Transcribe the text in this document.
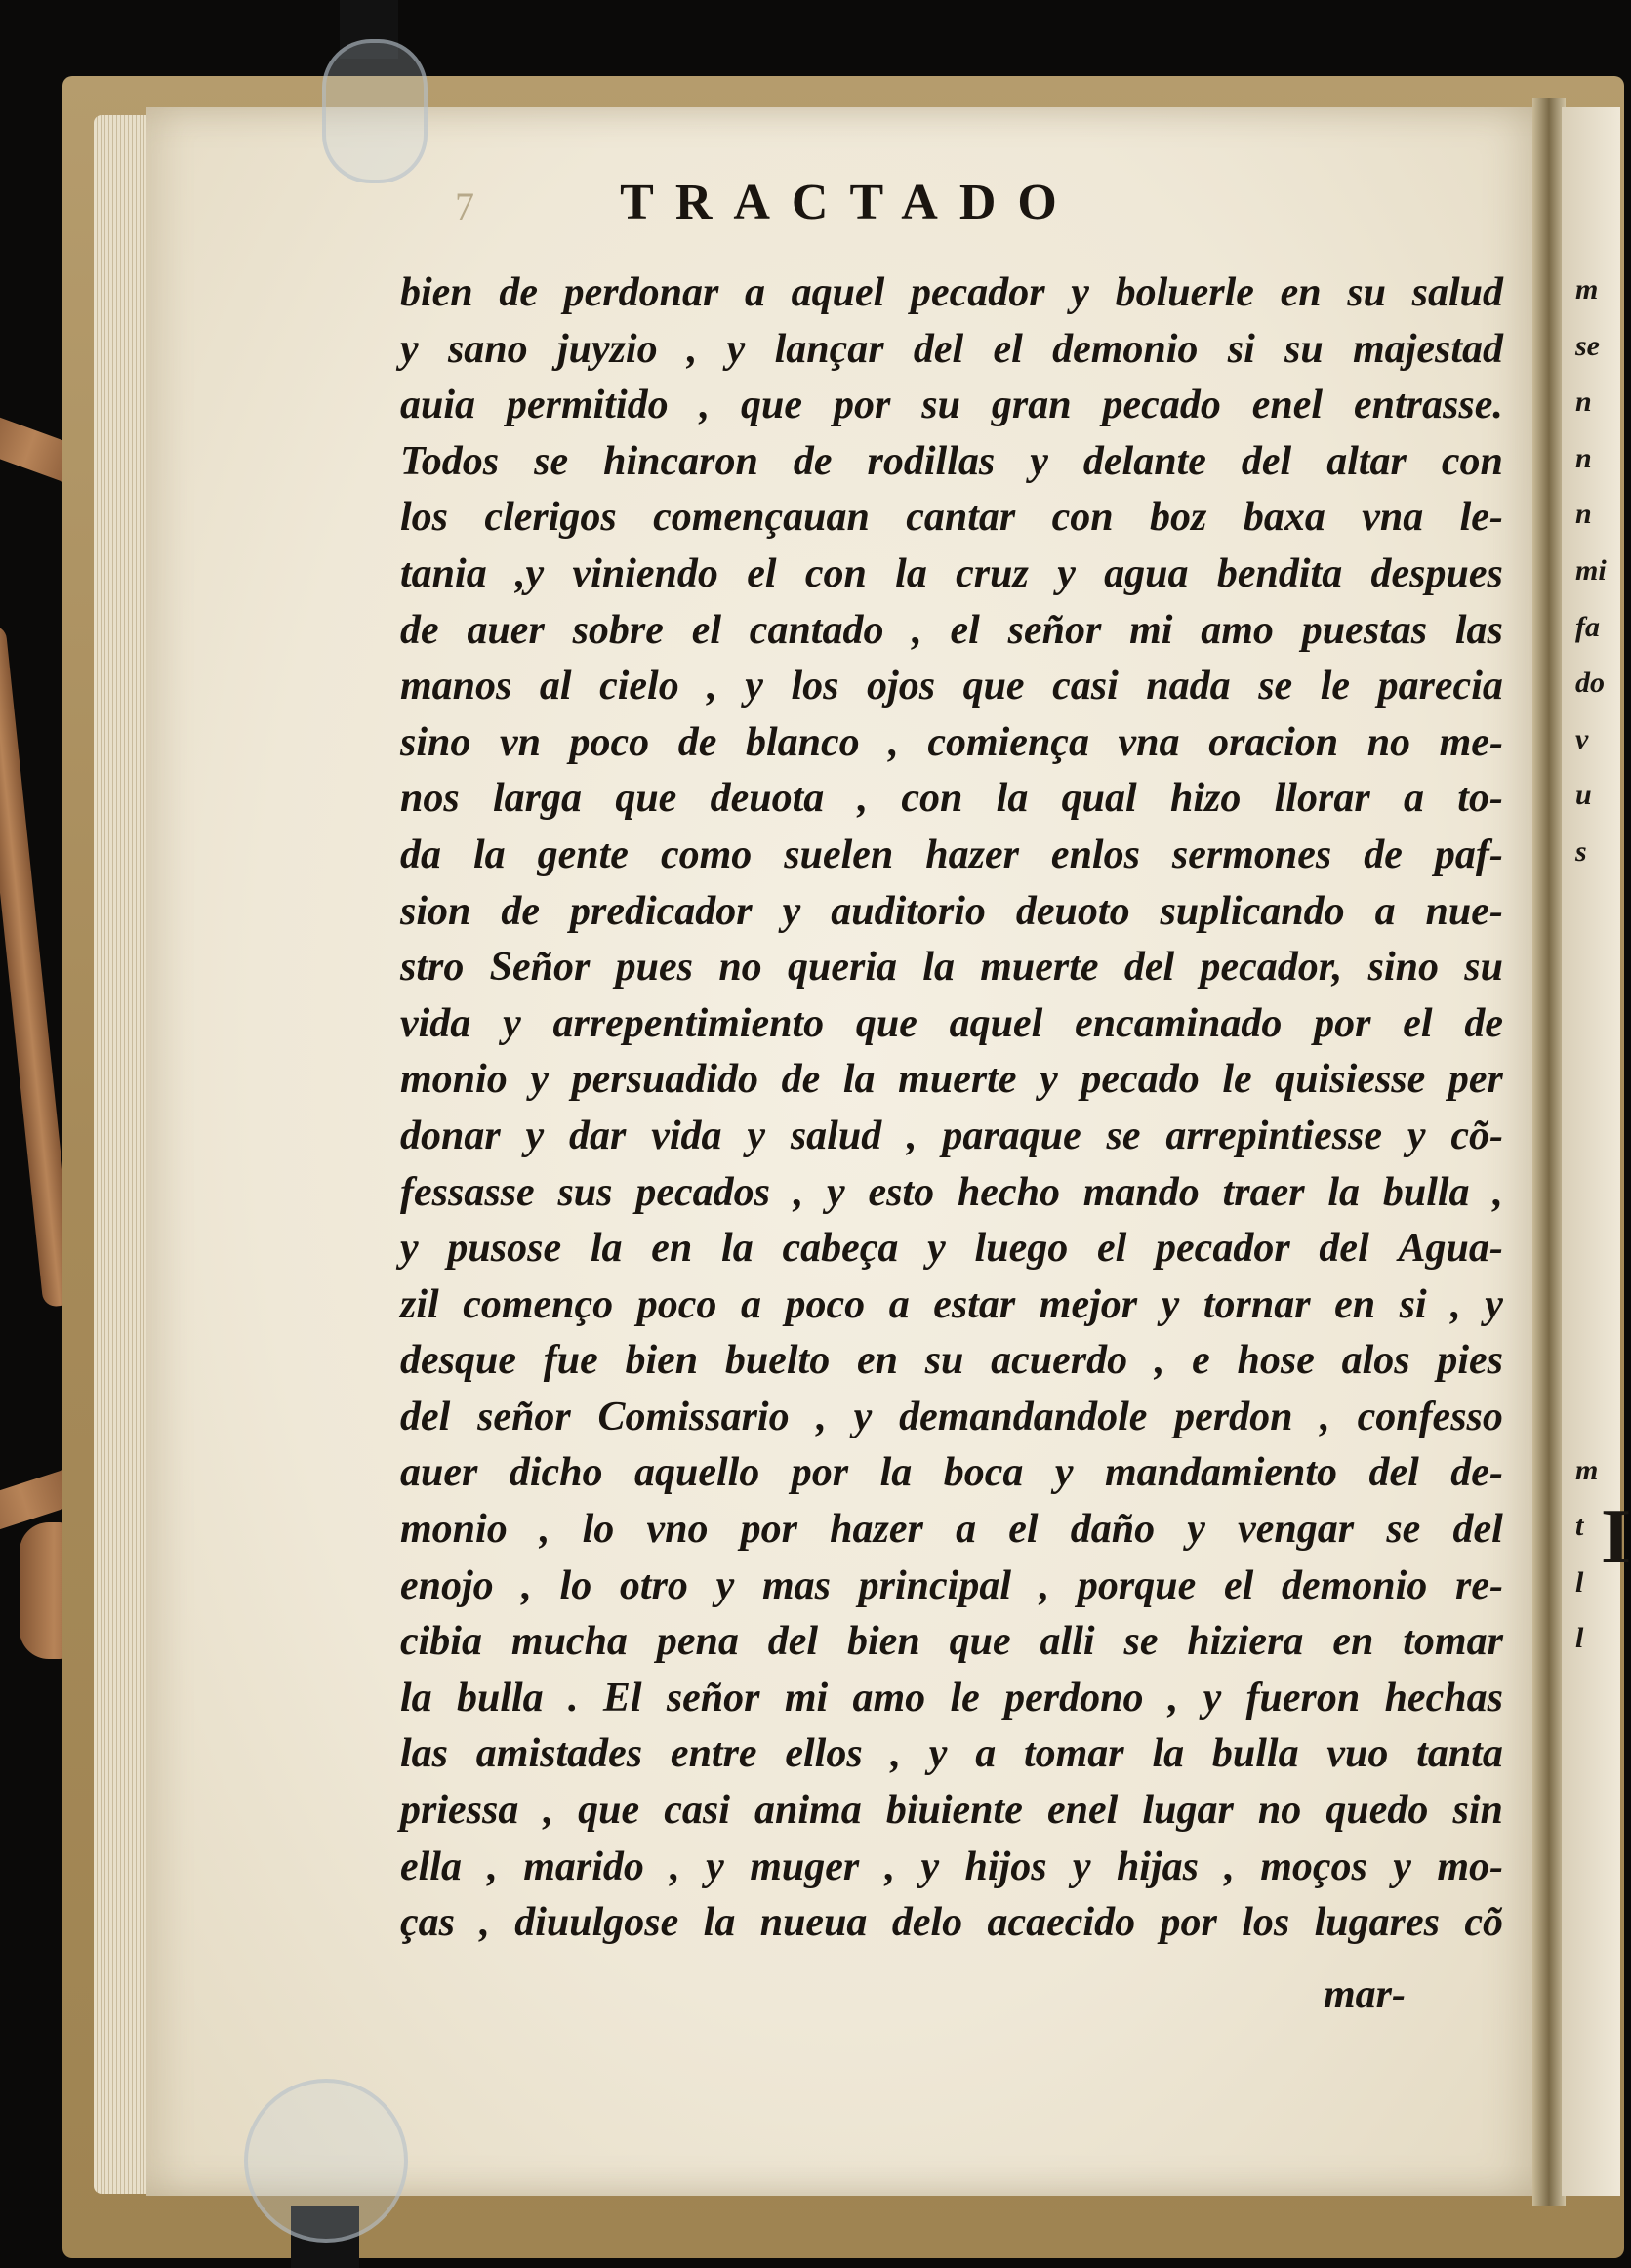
I
m
se
n
n
n
mi
fa
do
v
u
s
m
t
l
l
7	TRACTADO
bien de perdonar a aquel pecador y boluerle en su salud
y sano juyzio , y lançar del el demonio si su majestad
auia permitido , que por su gran pecado enel entrasse.
Todos se hincaron de rodillas y delante del altar con
los clerigos començauan cantar con boz baxa vna le-
tania ,y viniendo el con la cruz y agua bendita despues
de auer sobre el cantado , el señor mi amo puestas las
manos al cielo , y los ojos que casi nada se le parecia
sino vn poco de blanco , comiença vna oracion no me-
nos larga que deuota , con la qual hizo llorar a to-
da la gente como suelen hazer enlos sermones de paf-
sion de predicador y auditorio deuoto suplicando a nue-
stro Señor pues no queria la muerte del pecador, sino su
vida y arrepentimiento que aquel encaminado por el de
monio y persuadido de la muerte y pecado le quisiesse per
donar y dar vida y salud , paraque se arrepintiesse y cõ-
fessasse sus pecados , y esto hecho mando traer la bulla ,
y pusose la en la cabeça y luego el pecador del Aguа-
zil començo poco a poco a estar mejor y tornar en si , y
desque fue bien buelto en su acuerdo , e hose alos pies
del señor Comissario , y demandandole perdon , confesso
auer dicho aquello por la boca y mandamiento del de-
monio , lo vno por hazer a el daño y vengar se del
enojo , lo otro y mas principal , porque el demonio re-
cibia mucha pena del bien que alli se hiziera en tomar
la bulla . El señor mi amo le perdono , y fueron hechas
las amistades entre ellos , y a tomar la bulla vuo tanta
priessa , que casi anima biuiente enel lugar no quedo sin
ella , marido , y muger , y hijos y hijas , moços y mo-
ças , diuulgose la nueua delo acaecido por los lugares cõ
mar-
